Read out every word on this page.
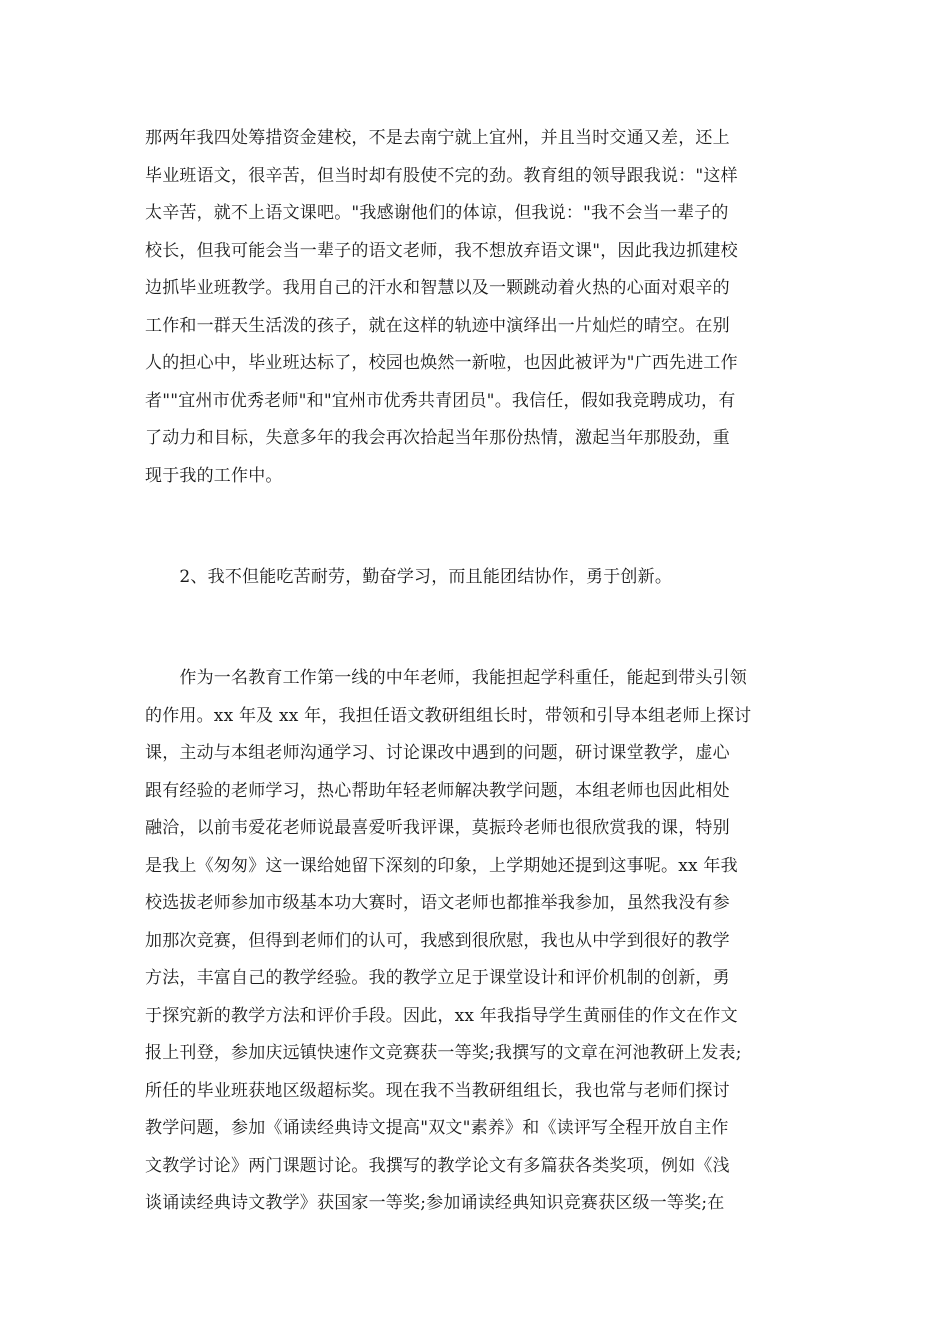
那两年我四处筹措资金建校，不是去南宁就上宜州，并且当时交通又差，还上
毕业班语文，很辛苦，但当时却有股使不完的劲。教育组的领导跟我说："这样
太辛苦，就不上语文课吧。"我感谢他们的体谅，但我说："我不会当一辈子的
校长，但我可能会当一辈子的语文老师，我不想放弃语文课"，因此我边抓建校
边抓毕业班教学。我用自己的汗水和智慧以及一颗跳动着火热的心面对艰辛的
工作和一群天生活泼的孩子，就在这样的轨迹中演绎出一片灿烂的晴空。在别
人的担心中，毕业班达标了，校园也焕然一新啦，也因此被评为"广西先进工作
者""宜州市优秀老师"和"宜州市优秀共青团员"。我信任，假如我竞聘成功，有
了动力和目标，失意多年的我会再次拾起当年那份热情，激起当年那股劲，重
现于我的工作中。
　　2、我不但能吃苦耐劳，勤奋学习，而且能团结协作，勇于创新。
　　作为一名教育工作第一线的中年老师，我能担起学科重任，能起到带头引领
的作用。xx 年及 xx 年，我担任语文教研组组长时，带领和引导本组老师上探讨
课，主动与本组老师沟通学习、讨论课改中遇到的问题，研讨课堂教学，虚心
跟有经验的老师学习，热心帮助年轻老师解决教学问题，本组老师也因此相处
融洽，以前韦爱花老师说最喜爱听我评课，莫振玲老师也很欣赏我的课，特别
是我上《匆匆》这一课给她留下深刻的印象，上学期她还提到这事呢。xx 年我
校选拔老师参加市级基本功大赛时，语文老师也都推举我参加，虽然我没有参
加那次竞赛，但得到老师们的认可，我感到很欣慰，我也从中学到很好的教学
方法，丰富自己的教学经验。我的教学立足于课堂设计和评价机制的创新，勇
于探究新的教学方法和评价手段。因此，xx 年我指导学生黄丽佳的作文在作文
报上刊登，参加庆远镇快速作文竞赛获一等奖;我撰写的文章在河池教研上发表;
所任的毕业班获地区级超标奖。现在我不当教研组组长，我也常与老师们探讨
教学问题，参加《诵读经典诗文提高"双文"素养》和《读评写全程开放自主作
文教学讨论》两门课题讨论。我撰写的教学论文有多篇获各类奖项，例如《浅
谈诵读经典诗文教学》获国家一等奖;参加诵读经典知识竞赛获区级一等奖;在
